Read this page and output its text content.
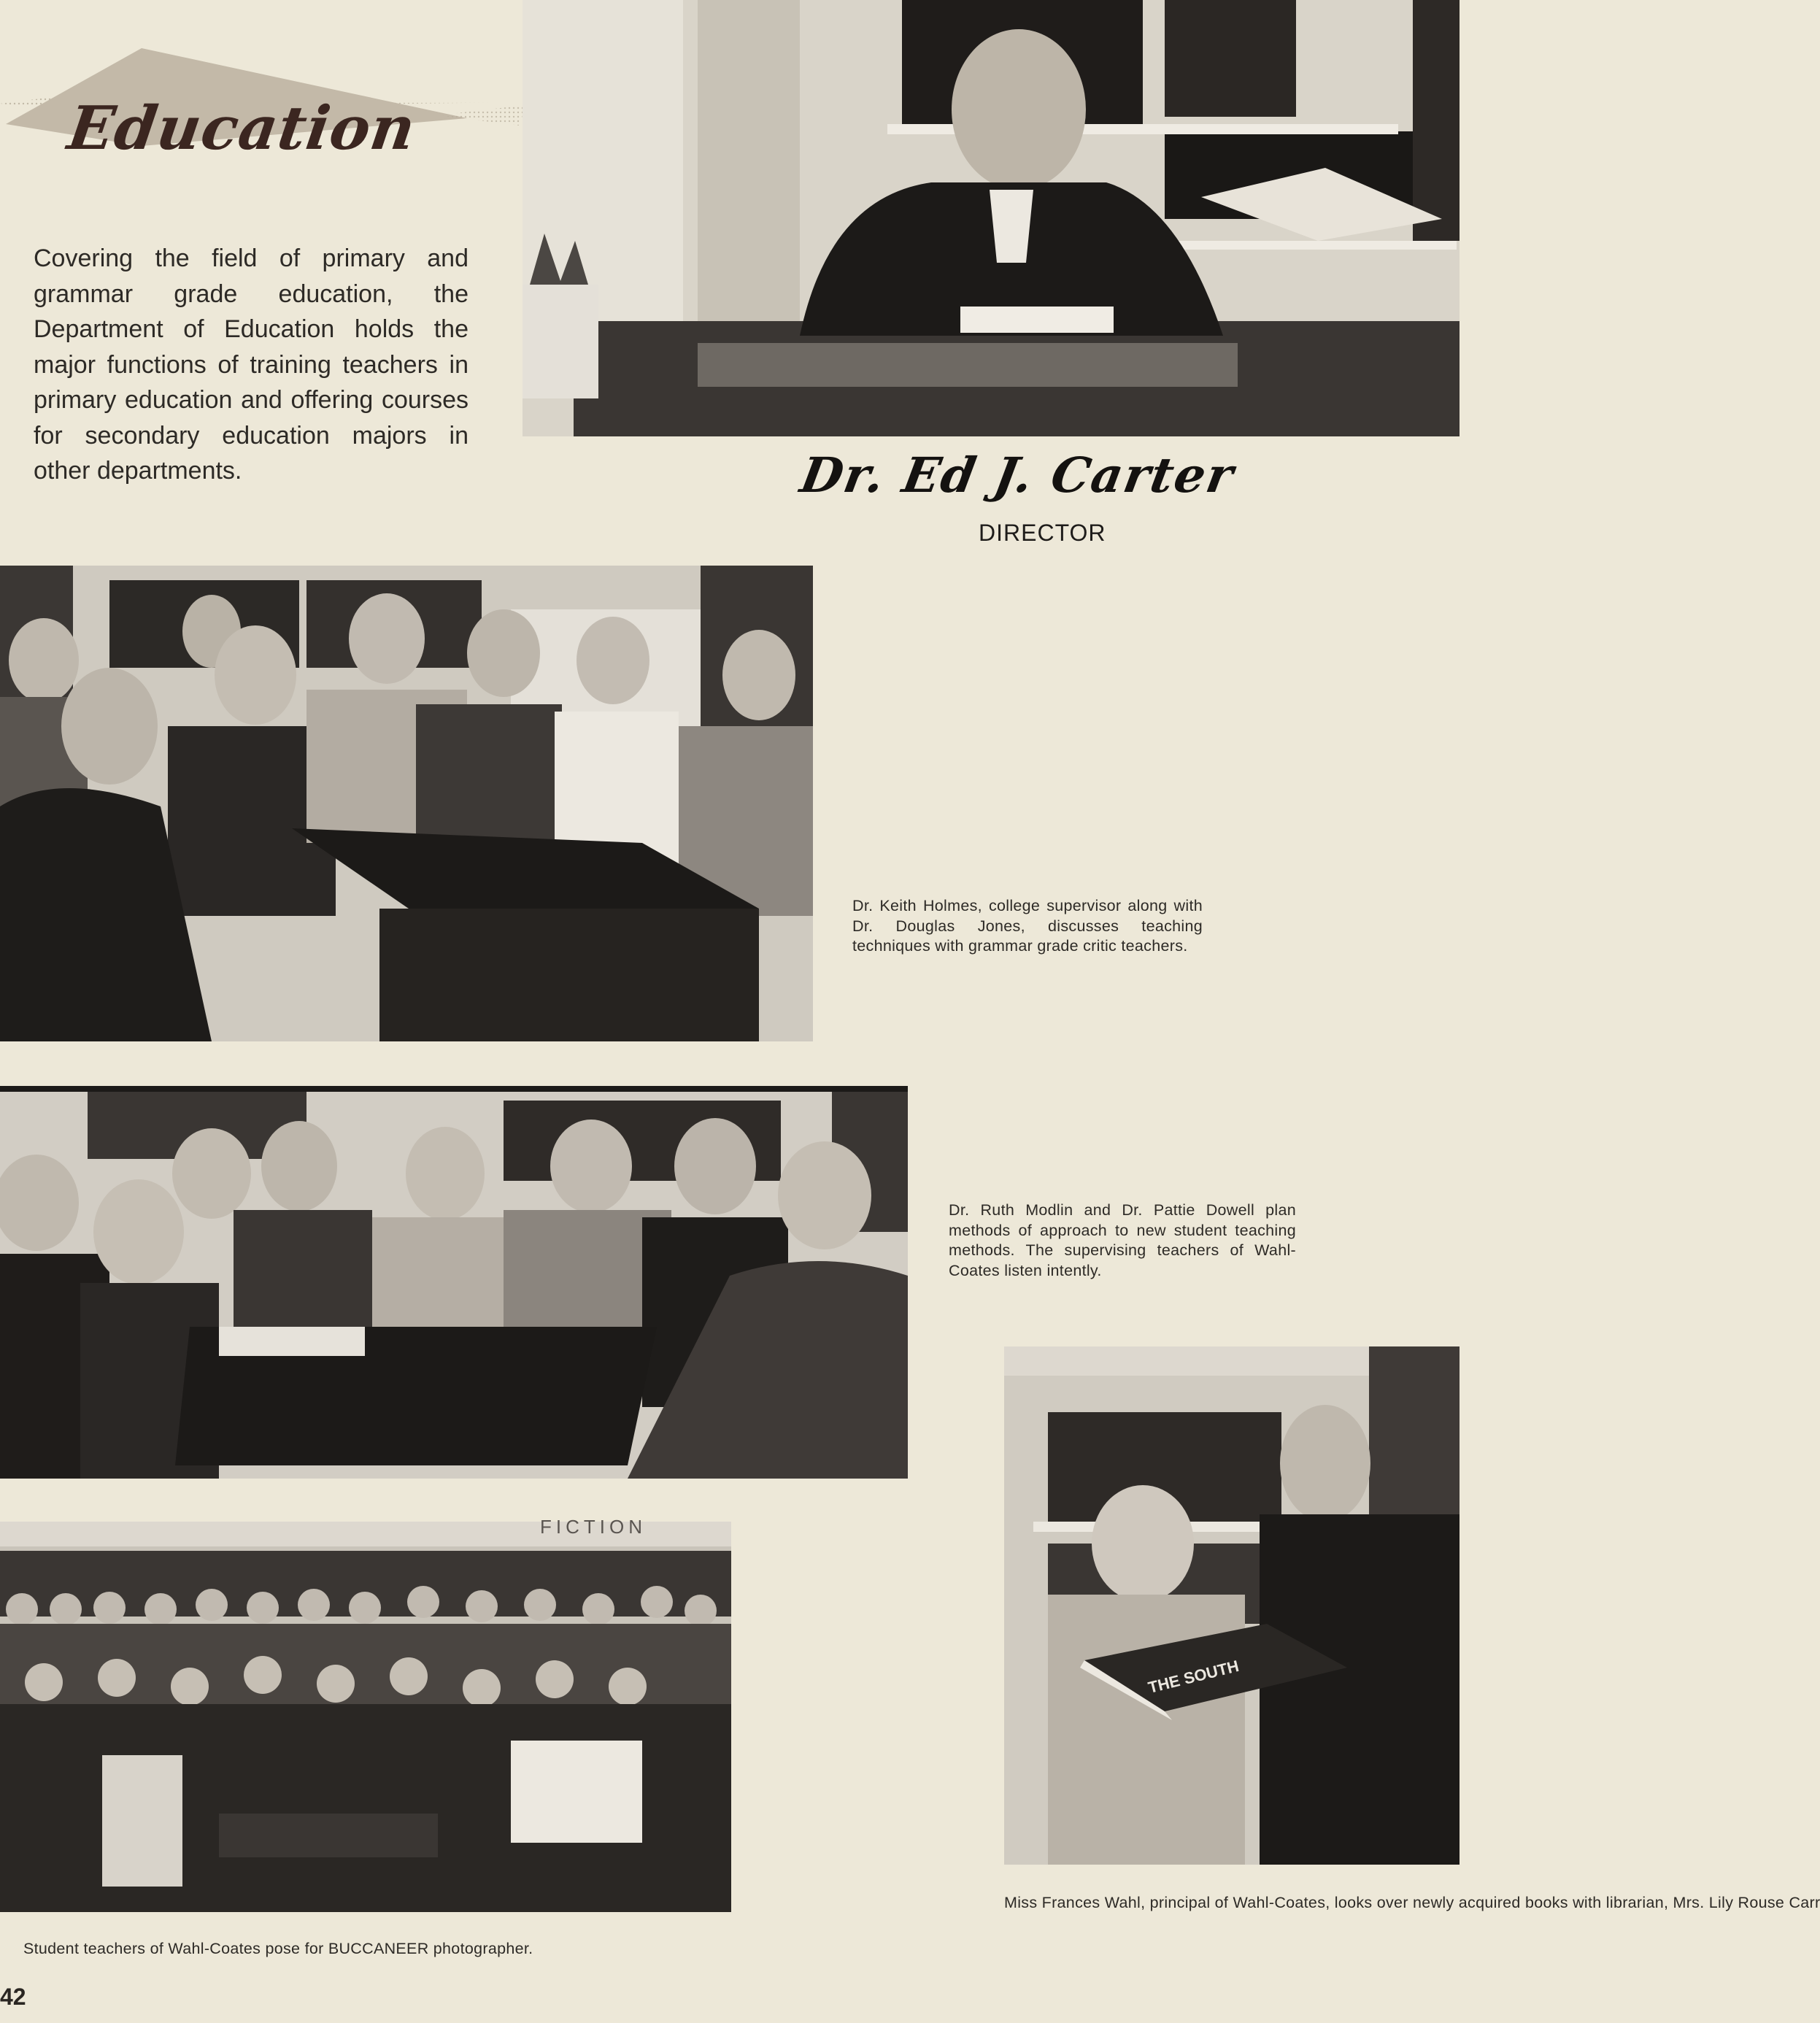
Education
Covering the field of primary and grammar grade education, the Department of Education holds the major functions of training teachers in primary education and offering courses for secondary education majors in other departments.	Dr. Ed J. Carter
DIRECTOR
Dr. Keith Holmes, college supervisor along with Dr. Douglas Jones, discusses teaching techniques with grammar grade critic teachers.
Dr. Ruth Modlin and Dr. Pattie Dowell plan methods of approach to new student teaching methods. The supervising teachers of Wahl-Coates listen intently.
FICTION
THE SOUTH
Miss Frances Wahl, principal of Wahl-Coates, looks over newly acquired books with librarian, Mrs. Lily Rouse Carr
Student teachers of Wahl-Coates pose for BUCCANEER photographer.
42
